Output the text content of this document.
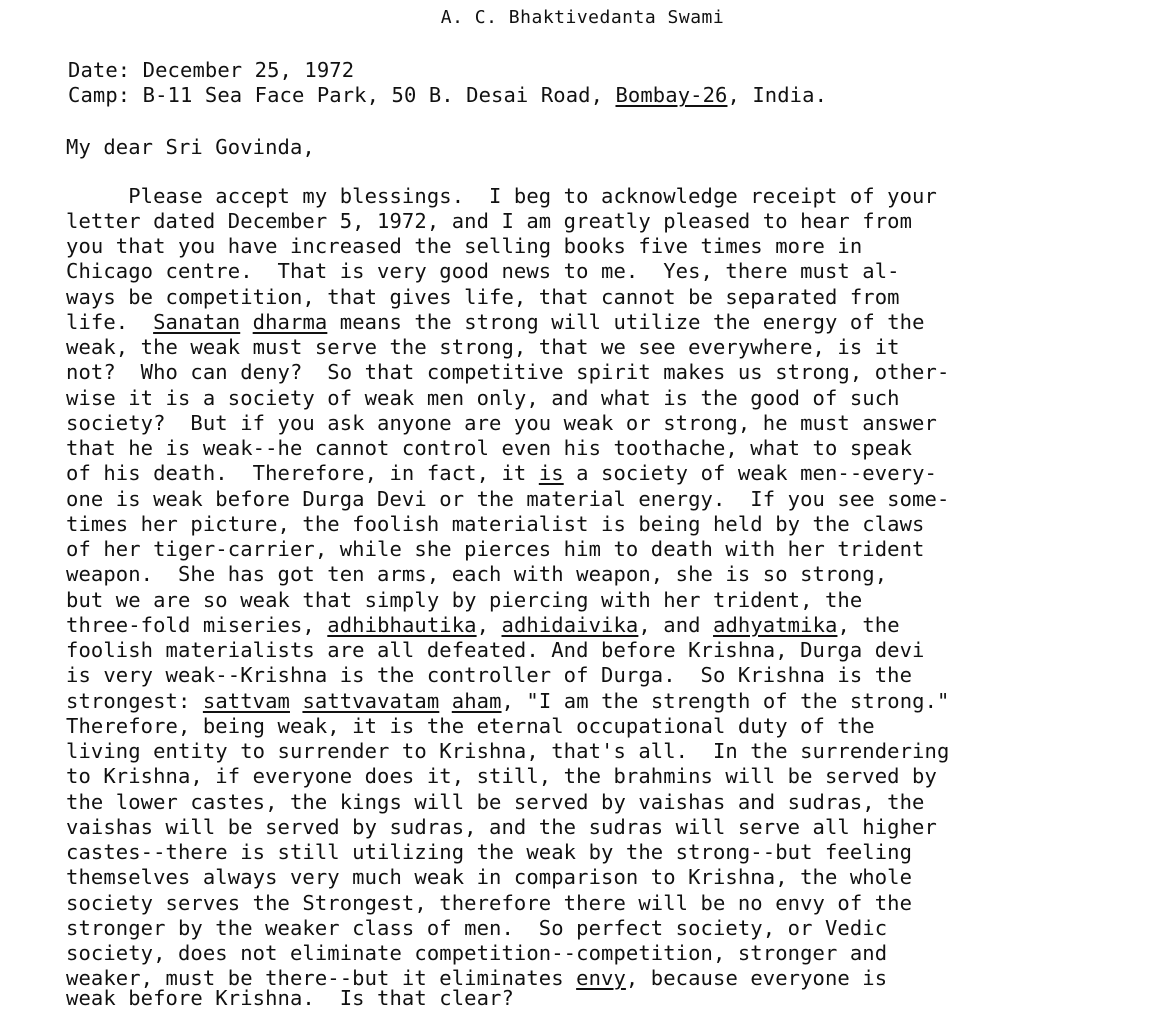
A. C. Bhaktivedanta Swami
Date: December 25, 1972
Camp: B-11 Sea Face Park, 50 B. Desai Road, Bombay-26, India.
My dear Sri Govinda,
Please accept my blessings.  I beg to acknowledge receipt of your
letter dated December 5, 1972, and I am greatly pleased to hear from
you that you have increased the selling books five times more in
Chicago centre.  That is very good news to me.  Yes, there must al-
ways be competition, that gives life, that cannot be separated from
life.  Sanatan dharma means the strong will utilize the energy of the
weak, the weak must serve the strong, that we see everywhere, is it
not?  Who can deny?  So that competitive spirit makes us strong, other-
wise it is a society of weak men only, and what is the good of such
society?  But if you ask anyone are you weak or strong, he must answer
that he is weak--he cannot control even his toothache, what to speak
of his death.  Therefore, in fact, it is a society of weak men--every-
one is weak before Durga Devi or the material energy.  If you see some-
times her picture, the foolish materialist is being held by the claws
of her tiger-carrier, while she pierces him to death with her trident
weapon.  She has got ten arms, each with weapon, she is so strong,
but we are so weak that simply by piercing with her trident, the
three-fold miseries, adhibhautika, adhidaivika, and adhyatmika, the
foolish materialists are all defeated. And before Krishna, Durga devi
is very weak--Krishna is the controller of Durga.  So Krishna is the
strongest: sattvam sattvavatam aham, "I am the strength of the strong."
Therefore, being weak, it is the eternal occupational duty of the
living entity to surrender to Krishna, that's all.  In the surrendering
to Krishna, if everyone does it, still, the brahmins will be served by
the lower castes, the kings will be served by vaishas and sudras, the
vaishas will be served by sudras, and the sudras will serve all higher
castes--there is still utilizing the weak by the strong--but feeling
themselves always very much weak in comparison to Krishna, the whole
society serves the Strongest, therefore there will be no envy of the
stronger by the weaker class of men.  So perfect society, or Vedic
society, does not eliminate competition--competition, stronger and
weaker, must be there--but it eliminates envy, because everyone is
weak before Krishna.  Is that clear?
